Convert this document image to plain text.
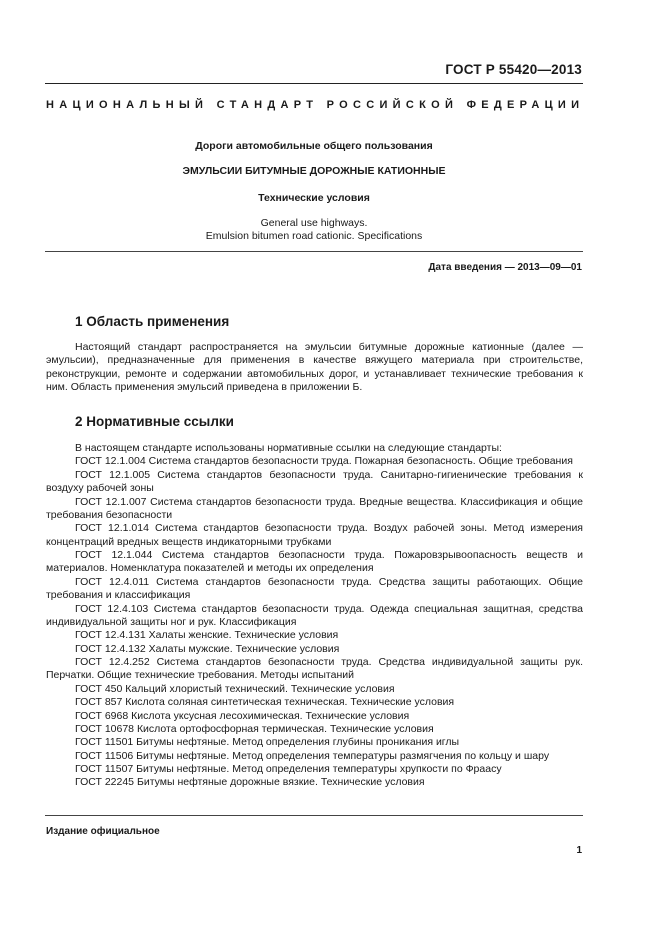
ГОСТ Р 55420—2013
НАЦИОНАЛЬНЫЙ СТАНДАРТ РОССИЙСКОЙ ФЕДЕРАЦИИ
Дороги автомобильные общего пользования
ЭМУЛЬСИИ БИТУМНЫЕ ДОРОЖНЫЕ КАТИОННЫЕ
Технические условия
General use highways.
Emulsion bitumen road cationic. Specifications
Дата введения — 2013—09—01
1 Область применения

Настоящий стандарт распространяется на эмульсии битумные дорожные катионные (далее — эмульсии), предназначенные для применения в качестве вяжущего материала при строительстве, реконструкции, ремонте и содержании автомобильных дорог, и устанавливает технические требования к ним. Область применения эмульсий приведена в приложении Б.

2 Нормативные ссылки

В настоящем стандарте использованы нормативные ссылки на следующие стандарты:

ГОСТ 12.1.004 Система стандартов безопасности труда. Пожарная безопасность. Общие требования

ГОСТ 12.1.005 Система стандартов безопасности труда. Санитарно-гигиенические требования к воздуху рабочей зоны

ГОСТ 12.1.007 Система стандартов безопасности труда. Вредные вещества. Классификация и общие требования безопасности

ГОСТ 12.1.014 Система стандартов безопасности труда. Воздух рабочей зоны. Метод измерения концентраций вредных веществ индикаторными трубками

ГОСТ 12.1.044 Система стандартов безопасности труда. Пожаровзрывоопасность веществ и материалов. Номенклатура показателей и методы их определения

ГОСТ 12.4.011 Система стандартов безопасности труда. Средства защиты работающих. Общие требования и классификация

ГОСТ 12.4.103 Система стандартов безопасности труда. Одежда специальная защитная, средства индивидуальной защиты ног и рук. Классификация

ГОСТ 12.4.131 Халаты женские. Технические условия

ГОСТ 12.4.132 Халаты мужские. Технические условия

ГОСТ 12.4.252 Система стандартов безопасности труда. Средства индивидуальной защиты рук. Перчатки. Общие технические требования. Методы испытаний

ГОСТ 450 Кальций хлористый технический. Технические условия

ГОСТ 857 Кислота соляная синтетическая техническая. Технические условия

ГОСТ 6968 Кислота уксусная лесохимическая. Технические условия

ГОСТ 10678 Кислота ортофосфорная термическая. Технические условия

ГОСТ 11501 Битумы нефтяные. Метод определения глубины проникания иглы

ГОСТ 11506 Битумы нефтяные. Метод определения температуры размягчения по кольцу и шару

ГОСТ 11507 Битумы нефтяные. Метод определения температуры хрупкости по Фраасу

ГОСТ 22245 Битумы нефтяные дорожные вязкие. Технические условия

Издание официальное
1
